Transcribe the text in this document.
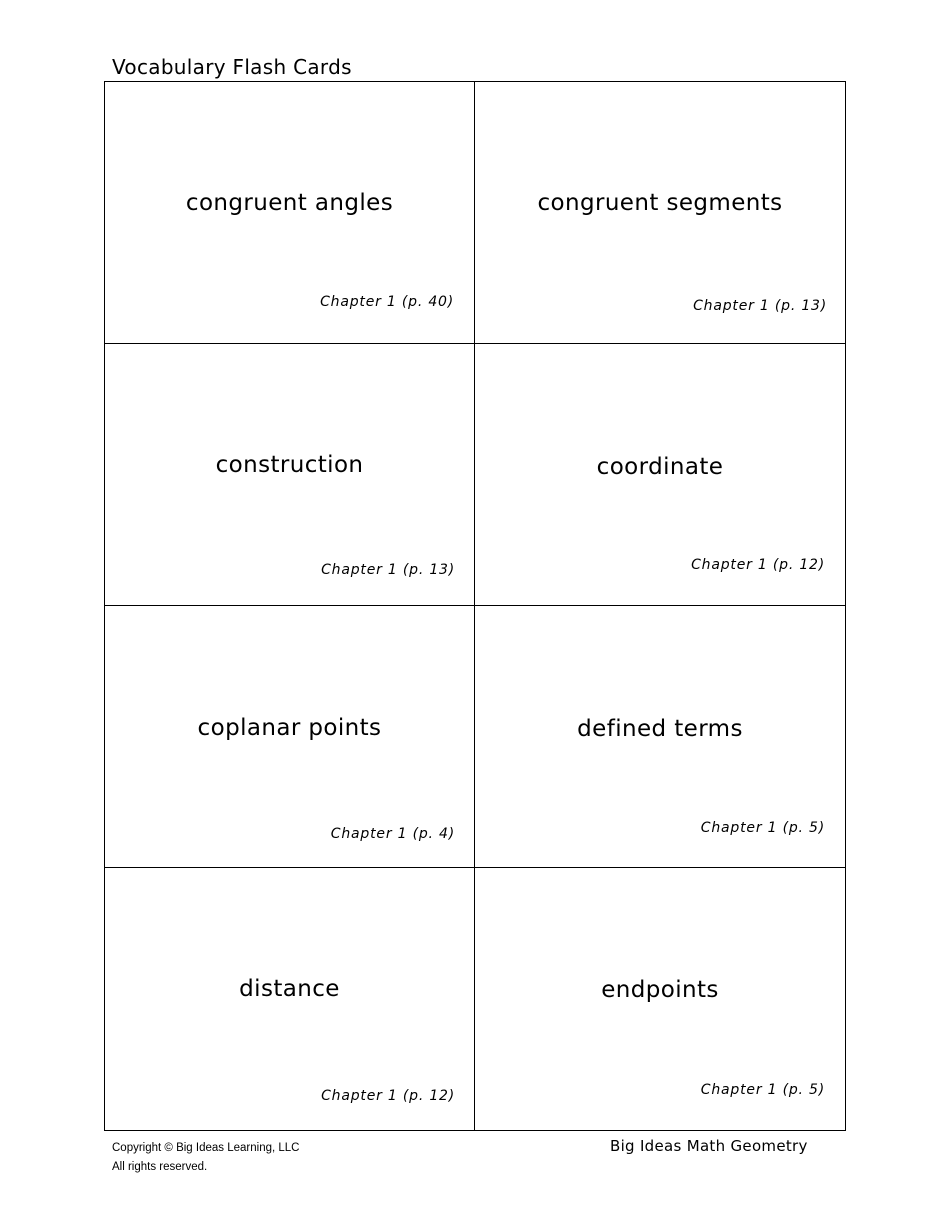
Vocabulary Flash Cards
congruent angles
Chapter 1 (p. 40)
congruent segments
Chapter 1 (p. 13)
construction
Chapter 1 (p. 13)
coordinate
Chapter 1 (p. 12)
coplanar points
Chapter 1 (p. 4)
defined terms
Chapter 1 (p. 5)
distance
Chapter 1 (p. 12)
endpoints
Chapter 1 (p. 5)
Copyright © Big Ideas Learning, LLC
All rights reserved.
Big Ideas Math Geometry
